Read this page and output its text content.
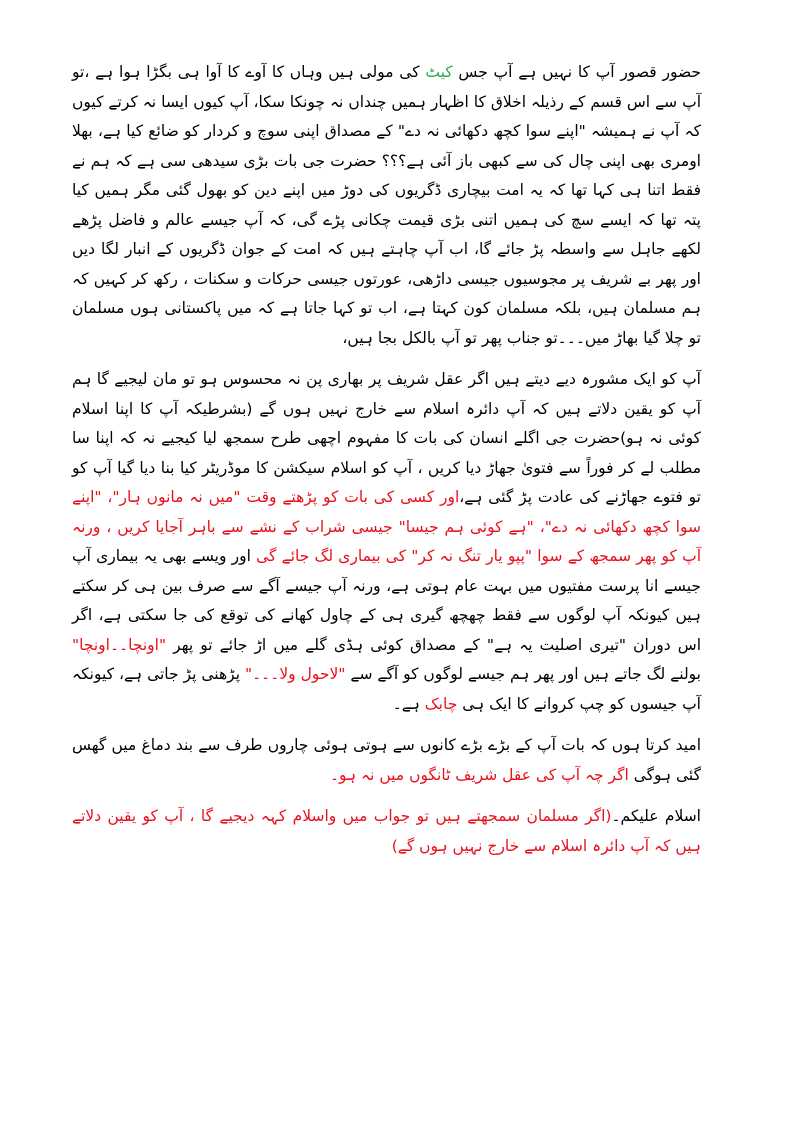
حضور قصور آپ کا نہیں ہے آپ جس کیٹ کی مولی ہیں وہاں کا آوے کا آوا ہی بگڑا ہوا ہے ،تو آپ سے اس قسم کے رذیلہ اخلاق کا اظہار ہمیں چنداں نہ چونکا سکا، آپ کیوں ایسا نہ کرتے کیوں کہ آپ نے ہمیشہ "اپنے سوا کچھ دکھائی نہ دے" کے مصداق اپنی سوچ و کردار کو ضائع کیا ہے، بھلا اومری بھی اپنی چال کی سے کبھی باز آئی ہے؟؟؟ حضرت جی بات بڑی سیدھی سی ہے کہ ہم نے فقط اتنا ہی کہا تھا کہ یہ امت بیچاری ڈگریوں کی دوڑ میں اپنے دین کو بھول گئی مگر ہمیں کیا پتہ تھا کہ ایسے سچ کی ہمیں اتنی بڑی قیمت چکانی پڑے گی، کہ آپ جیسے عالم و فاضل پڑھے لکھے جاہل سے واسطہ پڑ جائے گا، اب آپ چاہتے ہیں کہ امت کے جوان ڈگریوں کے انبار لگا دیں اور پھر بے شریف پر مجوسیوں جیسی داڑھی، عورتوں جیسی حرکات و سکنات ، رکھ کر کہیں کہ ہم مسلمان ہیں، بلکہ مسلمان کون کہتا ہے، اب تو کہا جاتا ہے کہ میں پاکستانی ہوں مسلمان تو چلا گیا بھاڑ میں۔۔۔تو جناب پھر تو آپ بالکل بجا ہیں،

آپ کو ایک مشورہ دیے دیتے ہیں اگر عقل شریف پر بھاری پن نہ محسوس ہو تو مان لیجیے گا ہم آپ کو یقین دلاتے ہیں کہ آپ دائرہ اسلام سے خارج نہیں ہوں گے (بشرطیکہ آپ کا اپنا اسلام کوئی نہ ہو)حضرت جی اگلے انسان کی بات کا مفہوم اچھی طرح سمجھ لیا کیجیے نہ کہ اپنا سا مطلب لے کر فوراً سے فتویٰ جھاڑ دیا کریں ، آپ کو اسلام سیکشن کا موڈریٹر کیا بنا دیا گیا آپ کو تو فتوے جھاڑنے کی عادت پڑ گئی ہے،اور کسی کی بات کو پڑھتے وقت "میں نہ مانوں ہار"، "اپنے سوا کچھ دکھائی نہ دے"، "ہے کوئی ہم جیسا" جیسی شراب کے نشے سے باہر آجایا کریں ، ورنہ آپ کو پھر سمجھ کے سوا "پپو یار تنگ نہ کر" کی بیماری لگ جائے گی اور ویسے بھی یہ بیماری آپ جیسے انا پرست مفتیوں میں بہت عام ہوتی ہے، ورنہ آپ جیسے آگے سے صرف بین ہی کر سکتے ہیں کیونکہ آپ لوگوں سے فقط چھچھ گیری ہی کے چاول کھانے کی توقع کی جا سکتی ہے، اگر اس دوران "تیری اصلیت یہ ہے" کے مصداق کوئی ہڈی گلے میں اڑ جائے تو پھر "اونچا۔۔اونچا" بولنے لگ جاتے ہیں اور پھر ہم جیسے لوگوں کو آگے سے "لاحول ولا۔۔۔" پڑھنی پڑ جاتی ہے، کیونکہ آپ جیسوں کو چپ کروانے کا ایک ہی چابک ہے۔

امید کرتا ہوں کہ بات آپ کے بڑے بڑے کانوں سے ہوتی ہوئی چاروں طرف سے بند دماغ میں گھس گئی ہوگی اگر چہ آپ کی عقل شریف ٹانگوں میں نہ ہو۔

اسلام علیکم۔(اگر مسلمان سمجھتے ہیں تو جواب میں واسلام کہہ دیجیے گا ، آپ کو یقین دلاتے ہیں کہ آپ دائرہ اسلام سے خارج نہیں ہوں گے)
